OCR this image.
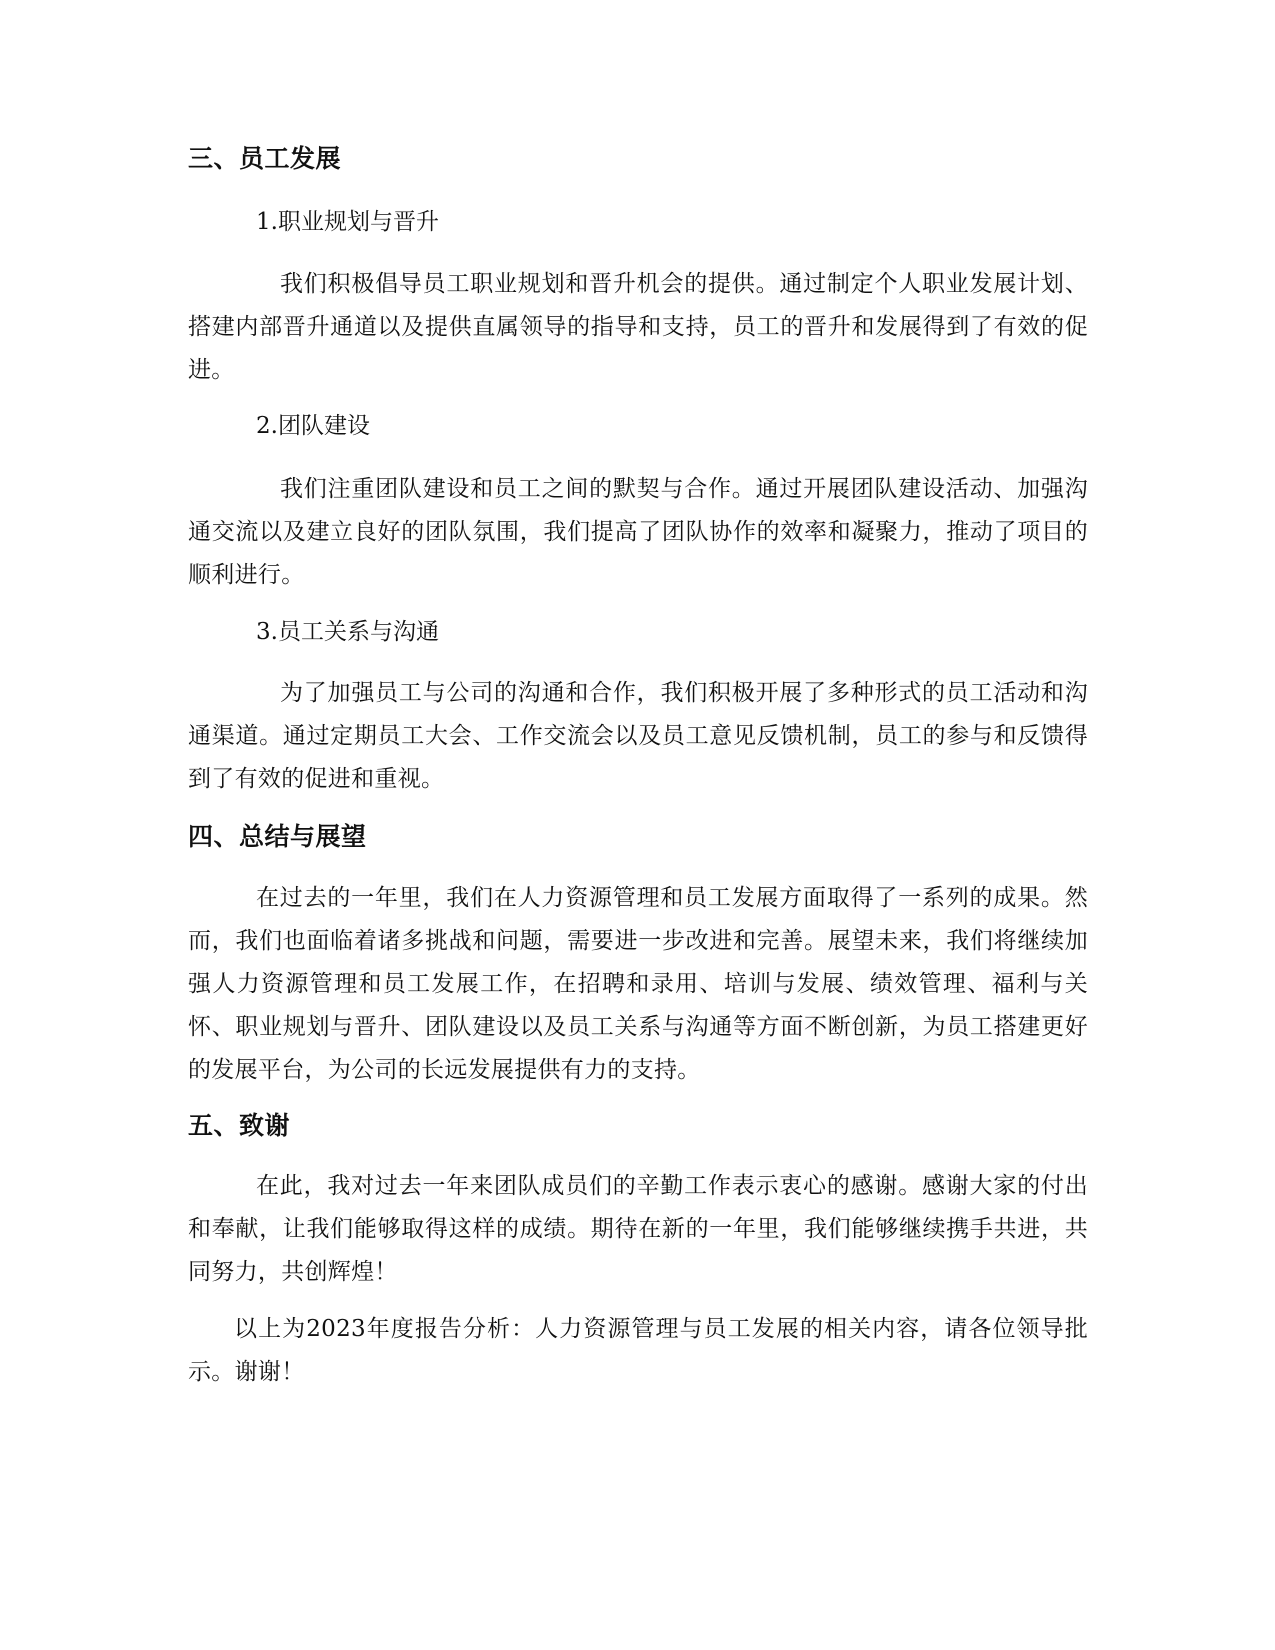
三、员工发展
1.职业规划与晋升
我们积极倡导员工职业规划和晋升机会的提供。通过制定个人职业发展计划、搭建内部晋升通道以及提供直属领导的指导和支持，员工的晋升和发展得到了有效的促进。
2.团队建设
我们注重团队建设和员工之间的默契与合作。通过开展团队建设活动、加强沟通交流以及建立良好的团队氛围，我们提高了团队协作的效率和凝聚力，推动了项目的顺利进行。
3.员工关系与沟通
为了加强员工与公司的沟通和合作，我们积极开展了多种形式的员工活动和沟通渠道。通过定期员工大会、工作交流会以及员工意见反馈机制，员工的参与和反馈得到了有效的促进和重视。
四、总结与展望
在过去的一年里，我们在人力资源管理和员工发展方面取得了一系列的成果。然而，我们也面临着诸多挑战和问题，需要进一步改进和完善。展望未来，我们将继续加强人力资源管理和员工发展工作，在招聘和录用、培训与发展、绩效管理、福利与关怀、职业规划与晋升、团队建设以及员工关系与沟通等方面不断创新，为员工搭建更好的发展平台，为公司的长远发展提供有力的支持。
五、致谢
在此，我对过去一年来团队成员们的辛勤工作表示衷心的感谢。感谢大家的付出和奉献，让我们能够取得这样的成绩。期待在新的一年里，我们能够继续携手共进，共同努力，共创辉煌！
以上为2023年度报告分析：人力资源管理与员工发展的相关内容，请各位领导批示。谢谢！
